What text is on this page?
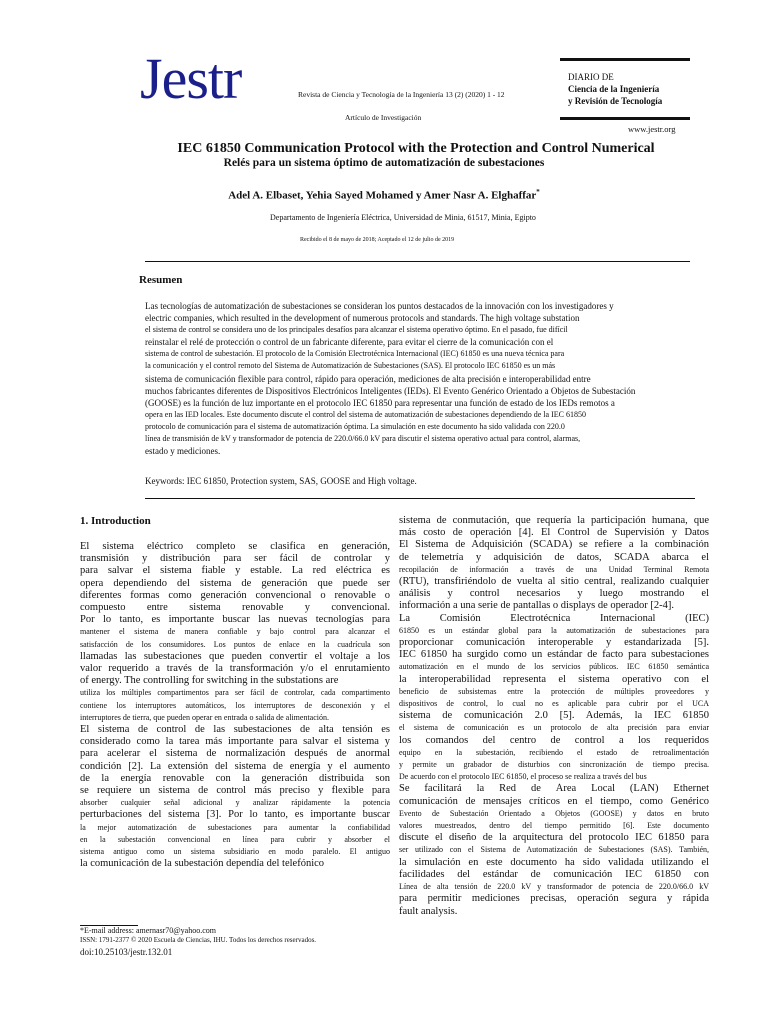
Jestr	Revista de Ciencia y Tecnología de la Ingeniería 13 (2) (2020) 1 - 12
Artículo de Investigación
DIARIO DE
Ciencia de la Ingeniería
y Revisión de Tecnología
www.jestr.org
IEC 61850 Communication Protocol with the Protection and Control Numerical
Relés para un sistema óptimo de automatización de subestaciones
Adel A. Elbaset, Yehia Sayed Mohamed y Amer Nasr A. Elghaffar*
Departamento de Ingeniería Eléctrica, Universidad de Minia, 61517, Minia, Egipto
Recibido el 8 de mayo de 2018; Aceptado el 12 de julio de 2019
Resumen
Las tecnologías de automatización de subestaciones se consideran los puntos destacados de la innovación con los investigadores y
electric companies, which resulted in the development of numerous protocols and standards. The high voltage substation
el sistema de control se considera uno de los principales desafíos para alcanzar el sistema operativo óptimo. En el pasado, fue difícil
reinstalar el relé de protección o control de un fabricante diferente, para evitar el cierre de la comunicación con el
sistema de control de subestación. El protocolo de la Comisión Electrotécnica Internacional (IEC) 61850 es una nueva técnica para
la comunicación y el control remoto del Sistema de Automatización de Subestaciones (SAS). El protocolo IEC 61850 es un más
sistema de comunicación flexible para control, rápido para operación, mediciones de alta precisión e interoperabilidad entre
muchos fabricantes diferentes de Dispositivos Electrónicos Inteligentes (IEDs). El Evento Genérico Orientado a Objetos de Subestación
(GOOSE) es la función de luz importante en el protocolo IEC 61850 para representar una función de estado de los IEDs remotos a
opera en las IED locales. Este documento discute el control del sistema de automatización de subestaciones dependiendo de la IEC 61850
protocolo de comunicación para el sistema de automatización óptima. La simulación en este documento ha sido validada con 220.0
línea de transmisión de kV y transformador de potencia de 220.0/66.0 kV para discutir el sistema operativo actual para control, alarmas,
estado y mediciones.
Keywords: IEC 61850, Protection system, SAS, GOOSE and High voltage.
1. Introduction
El sistema eléctrico completo se clasifica en generación,
transmisión y distribución para ser fácil de controlar y
para salvar el sistema fiable y estable. La red eléctrica es
opera dependiendo del sistema de generación que puede ser
diferentes formas como generación convencional o renovable o
compuesto entre sistema renovable y convencional.
Por lo tanto, es importante buscar las nuevas tecnologías para
mantener el sistema de manera confiable y bajo control para alcanzar el
satisfacción de los consumidores. Los puntos de enlace en la cuadrícula son
llamadas las subestaciones que pueden convertir el voltaje a los
valor requerido a través de la transformación y/o el enrutamiento
of energy. The controlling for switching in the substations are
utiliza los múltiples compartimentos para ser fácil de controlar, cada compartimento
contiene los interruptores automáticos, los interruptores de desconexión y el
interruptores de tierra, que pueden operar en entrada o salida de alimentación.
El sistema de control de las subestaciones de alta tensión es
considerado como la tarea más importante para salvar el sistema y
para acelerar el sistema de normalización después de anormal
condición [2]. La extensión del sistema de energía y el aumento
de la energía renovable con la generación distribuida son
se requiere un sistema de control más preciso y flexible para
absorber cualquier señal adicional y analizar rápidamente la potencia
perturbaciones del sistema [3]. Por lo tanto, es importante buscar
la mejor automatización de subestaciones para aumentar la confiabilidad
en la subestación convencional en línea para cubrir y absorber el
sistema antiguo como un sistema subsidiario en modo paralelo. El antiguo
la comunicación de la subestación dependía del telefónico
sistema de conmutación, que requería la participación humana, que
más costo de operación [4]. El Control de Supervisión y Datos
El Sistema de Adquisición (SCADA) se refiere a la combinación
de telemetría y adquisición de datos, SCADA abarca el
recopilación de información a través de una Unidad Terminal Remota
(RTU), transfiriéndolo de vuelta al sitio central, realizando cualquier
análisis y control necesarios y luego mostrando el
información a una serie de pantallas o displays de operador [2-4].
La Comisión Electrotécnica Internacional (IEC)
61850 es un estándar global para la automatización de subestaciones para
proporcionar comunicación interoperable y estandarizada [5].
IEC 61850 ha surgido como un estándar de facto para subestaciones
automatización en el mundo de los servicios públicos. IEC 61850 semántica
la interoperabilidad representa el sistema operativo con el
beneficio de subsistemas entre la protección de múltiples proveedores y
dispositivos de control, lo cual no es aplicable para cubrir por el UCA
sistema de comunicación 2.0 [5]. Además, la IEC 61850
el sistema de comunicación es un protocolo de alta precisión para enviar
los comandos del centro de control a los requeridos
equipo en la subestación, recibiendo el estado de retroalimentación
y permite un grabador de disturbios con sincronización de tiempo precisa.
De acuerdo con el protocolo IEC 61850, el proceso se realiza a través del bus
Se facilitará la Red de Área Local (LAN) Ethernet
comunicación de mensajes críticos en el tiempo, como Genérico
Evento de Subestación Orientado a Objetos (GOOSE) y datos en bruto
valores muestreados, dentro del tiempo permitido [6]. Este documento
discute el diseño de la arquitectura del protocolo IEC 61850 para
ser utilizado con el Sistema de Automatización de Subestaciones (SAS). También,
la simulación en este documento ha sido validada utilizando el
facilidades del estándar de comunicación IEC 61850 con
Línea de alta tensión de 220.0 kV y transformador de potencia de 220.0/66.0 kV
para permitir mediciones precisas, operación segura y rápida
fault analysis.
*E-mail address: amernasr70@yahoo.com
ISSN: 1791-2377 © 2020 Escuela de Ciencias, IHU. Todos los derechos reservados.
doi:10.25103/jestr.132.01
